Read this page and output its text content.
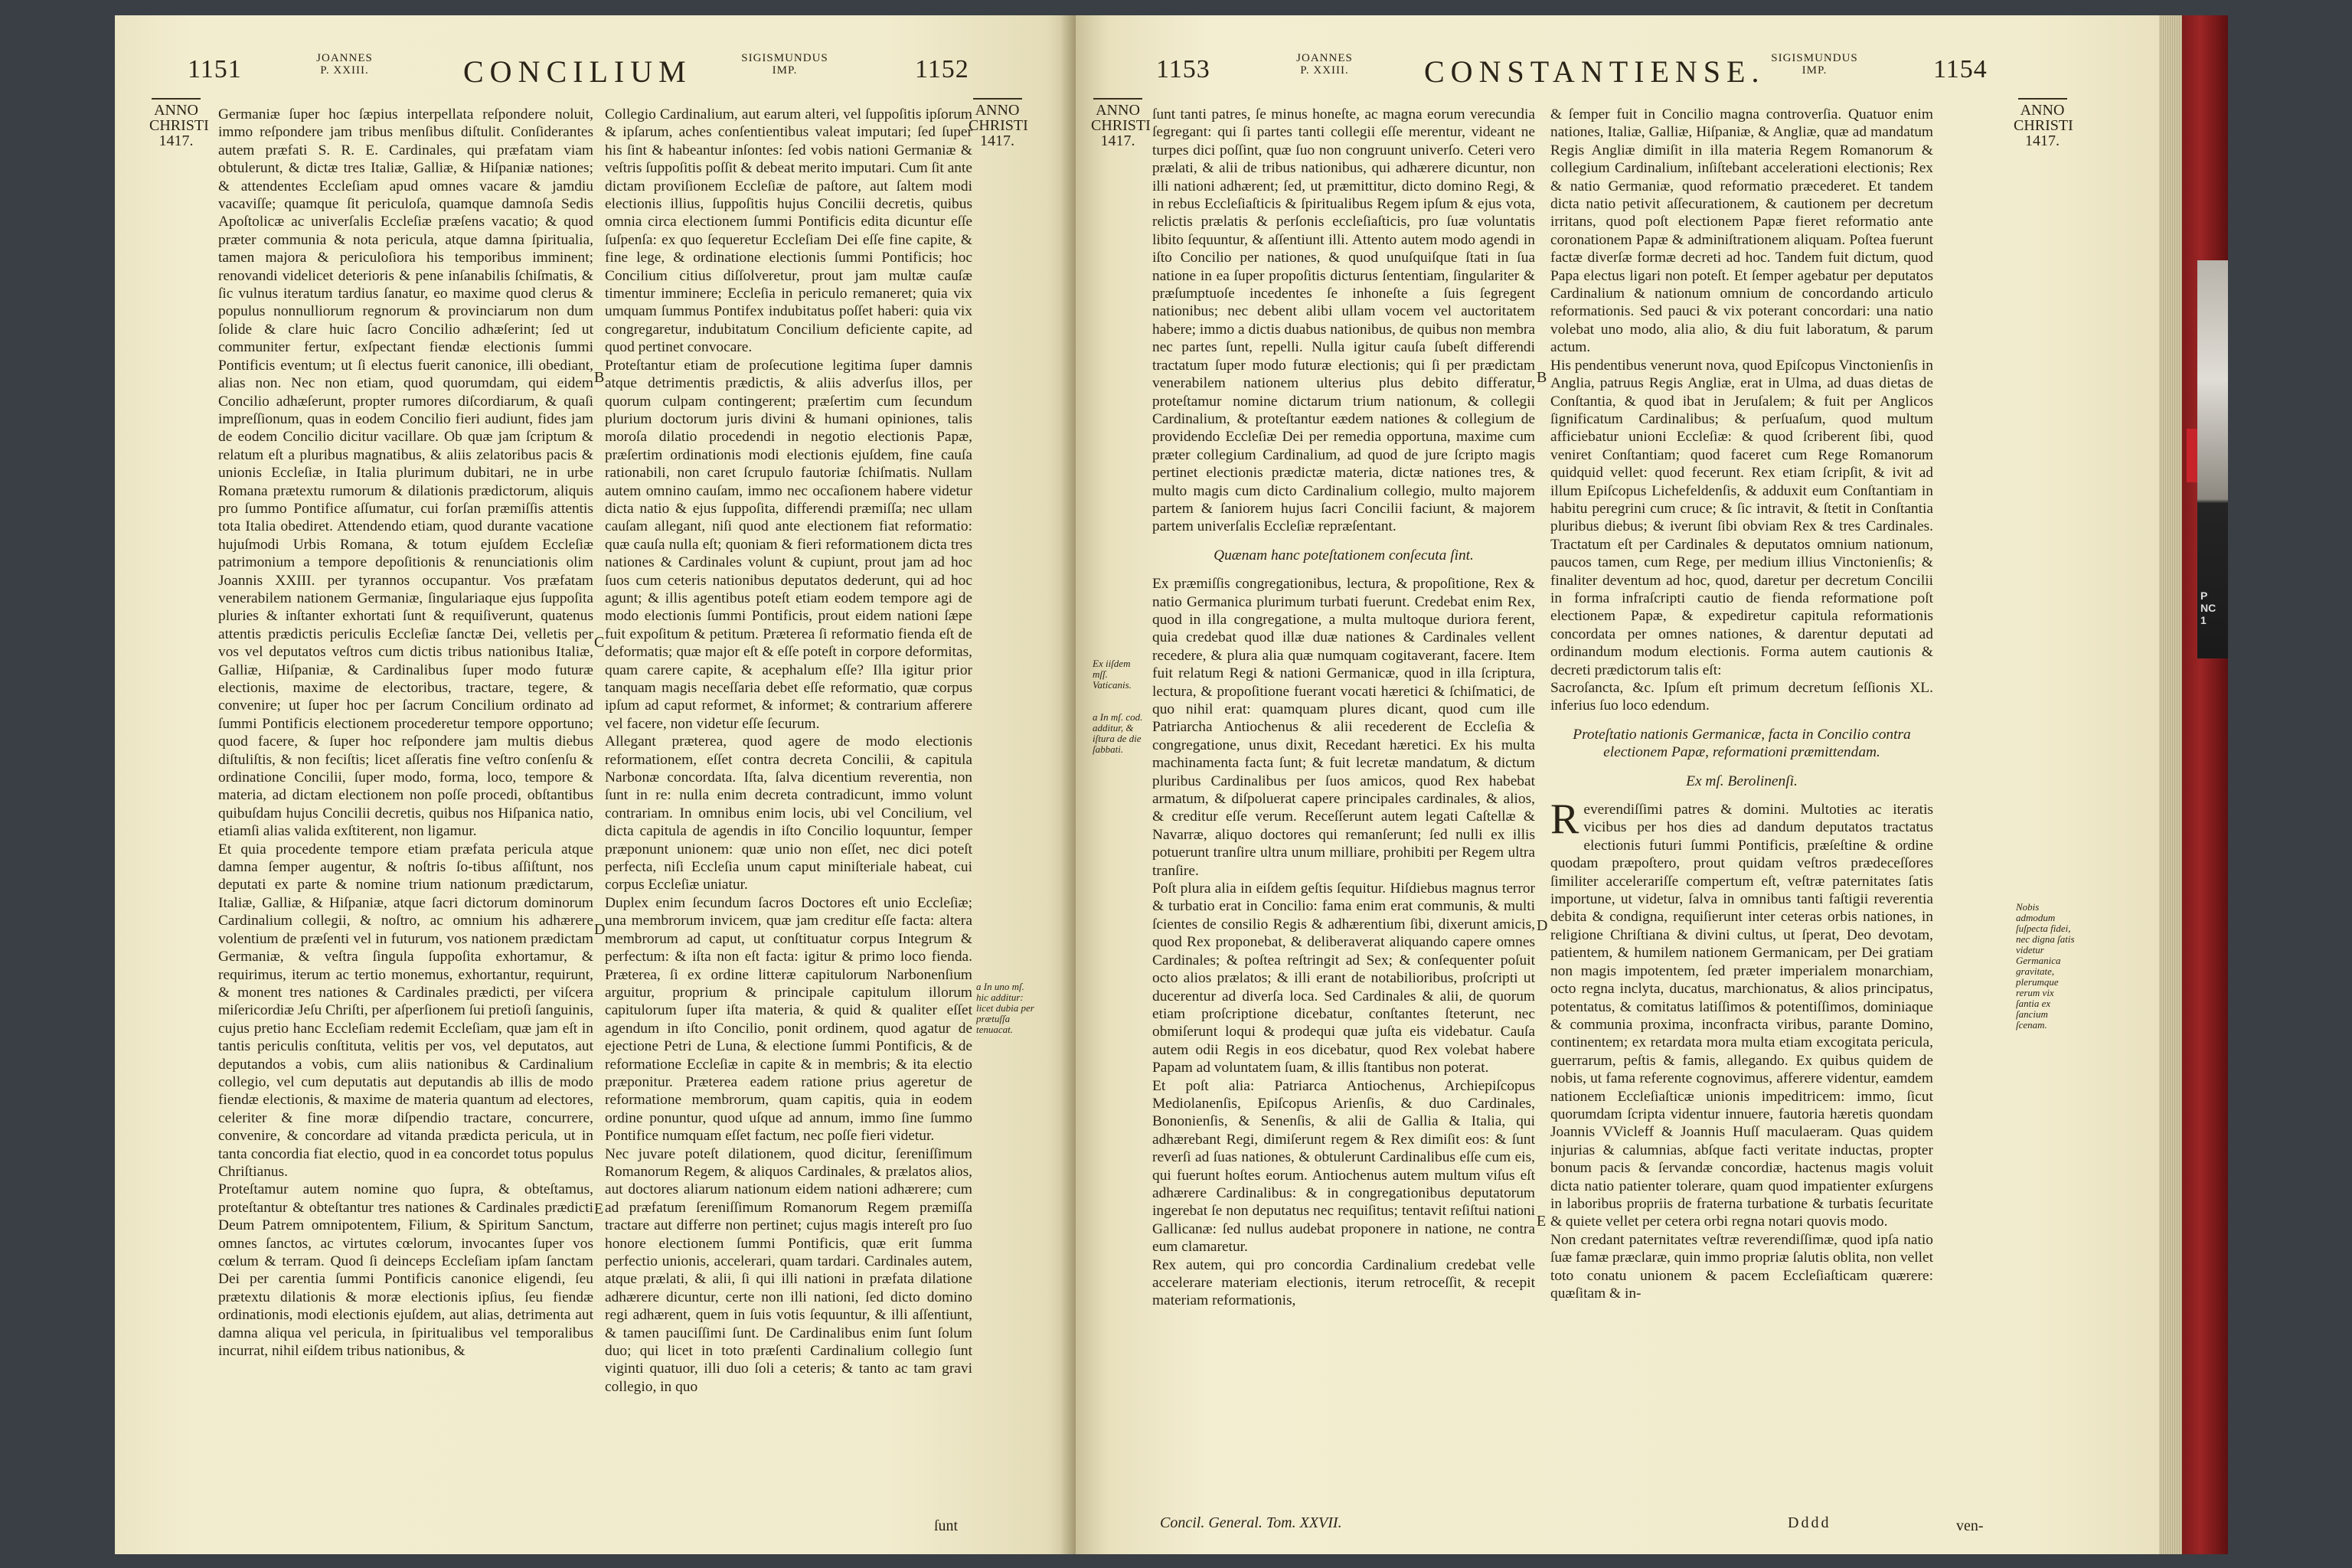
1151	JOANNES P. XXIII.	CONCILIUM	SIGISMUNDUS IMP.	1152
ANNO CHRISTI 1417.
ANNO CHRISTI 1417.

Germaniæ ſuper hoc ſæpius interpellata reſpondere noluit, immo reſpondere jam tribus menſibus diſtulit. Conſiderantes autem præfati S. R. E. Cardinales, qui præfatam viam obtulerunt, & dictæ tres Italiæ, Galliæ, & Hiſpaniæ nationes; & attendentes Eccleſiam apud omnes vacare & jamdiu vacaviſſe; quamque ſit periculoſa, quamque damnoſa Sedis Apoſtolicæ ac univerſalis Eccleſiæ præſens vacatio; & quod præter communia & nota pericula, atque damna ſpiritualia, tamen majora & periculoſiora his temporibus imminent; renovandi videlicet deterioris & pene inſanabilis ſchiſmatis, & ſic vulnus iteratum tardius ſanatur, eo maxime quod clerus & populus nonnulliorum regnorum & provinciarum non dum ſolide & clare huic ſacro Concilio adhæſerint; ſed ut communiter fertur, exſpectant fiendæ electionis ſummi Pontificis eventum; ut ſi electus fuerit canonice, illi obediant, alias non. Nec non etiam, quod quorumdam, qui eidem Concilio adhæſerunt, propter rumores diſcordiarum, & quaſi impreſſionum, quas in eodem Concilio fieri audiunt, fides jam de eodem Concilio dicitur vacillare. Ob quæ jam ſcriptum & relatum eſt a pluribus magnatibus, & aliis zelatoribus pacis & unionis Eccleſiæ, in Italia plurimum dubitari, ne in urbe Romana prætextu rumorum & dilationis prædictorum, aliquis pro ſummo Pontifice aſſumatur, cui forſan præmiſſis attentis tota Italia obediret. Attendendo etiam, quod durante vacatione hujuſmodi Urbis Romana, & totum ejuſdem Eccleſiæ patrimonium a tempore depoſitionis & renunciationis olim Joannis XXIII. per tyrannos occupantur. Vos præfatam venerabilem nationem Germaniæ, ſingulariaque ejus ſuppoſita pluries & inſtanter exhortati ſunt & requiſiverunt, quatenus attentis prædictis periculis Eccleſiæ ſanctæ Dei, velletis per vos vel deputatos veſtros cum dictis tribus nationibus Italiæ, Galliæ, Hiſpaniæ, & Cardinalibus ſuper modo futuræ electionis, maxime de electoribus, tractare, tegere, & convenire; ut ſuper hoc per ſacrum Concilium ordinato ad ſummi Pontificis electionem procederetur tempore opportuno; quod facere, & ſuper hoc reſpondere jam multis diebus diſtuliſtis, & non feciſtis; licet aſſeratis fine veſtro conſenſu & ordinatione Concilii, ſuper modo, forma, loco, tempore & materia, ad dictam electionem non poſſe procedi, obſtantibus quibuſdam hujus Concilii decretis, quibus nos Hiſpanica natio, etiamſi alias valida exſtiterent, non ligamur.

Et quia procedente tempore etiam præfata pericula atque damna ſemper augentur, & noſtris ſo-tibus aſſiſtunt, nos deputati ex parte & nomine trium nationum prædictarum, Italiæ, Galliæ, & Hiſpaniæ, atque ſacri dictorum dominorum Cardinalium collegii, & noſtro, ac omnium his adhærere volentium de præſenti vel in futurum, vos nationem prædictam Germaniæ, & veſtra ſingula ſuppoſita exhortamur, & requirimus, iterum ac tertio monemus, exhortantur, requirunt, & monent tres nationes & Cardinales prædicti, per viſcera miſericordiæ Jeſu Chriſti, per aſperſionem ſui pretioſi ſanguinis, cujus pretio hanc Eccleſiam redemit Eccleſiam, quæ jam eſt in tantis periculis conſtituta, velitis per vos, vel deputatos, aut deputandos a vobis, cum aliis nationibus & Cardinalium collegio, vel cum deputatis aut deputandis ab illis de modo fiendæ electionis, & maxime de materia quantum ad electores, celeriter & fine moræ diſpendio tractare, concurrere, convenire, & concordare ad vitanda prædicta pericula, ut in tanta concordia fiat electio, quod in ea concordet totus populus Chriſtianus.

Proteſtamur autem nomine quo ſupra, & obteſtamus, proteſtantur & obteſtantur tres nationes & Cardinales prædicti Deum Patrem omnipotentem, Filium, & Spiritum Sanctum, omnes ſanctos, ac virtutes cœlorum, invocantes ſuper vos cœlum & terram. Quod ſi deinceps Eccleſiam ipſam ſanctam Dei per carentia ſummi Pontificis canonice eligendi, ſeu prætextu dilationis & moræ electionis ipſius, ſeu fiendæ ordinationis, modi electionis ejuſdem, aut alias, detrimenta aut damna aliqua vel pericula, in ſpiritualibus vel temporalibus incurrat, nihil eiſdem tribus nationibus, &

Collegio Cardinalium, aut earum alteri, vel ſuppoſitis ipſorum & ipſarum, aches conſentientibus valeat imputari; ſed ſuper his ſint & habeantur inſontes: ſed vobis nationi Germaniæ & veſtris ſuppoſitis poſſit & debeat merito imputari. Cum ſit ante dictam proviſionem Eccleſiæ de paſtore, aut ſaltem modi electionis illius, ſuppoſitis hujus Concilii decretis, quibus omnia circa electionem ſummi Pontificis edita dicuntur eſſe ſuſpenſa: ex quo ſequeretur Eccleſiam Dei eſſe fine capite, & fine lege, & ordinatione electionis ſummi Pontificis; hoc Concilium citius diſſolveretur, prout jam multæ cauſæ timentur imminere; Eccleſia in periculo remaneret; quia vix umquam ſummus Pontifex indubitatus poſſet haberi: quia vix congregaretur, indubitatum Concilium deficiente capite, ad quod pertinet convocare.

Proteſtantur etiam de proſecutione legitima ſuper damnis atque detrimentis prædictis, & aliis adverſus illos, per quorum culpam contingerent; præſertim cum ſecundum plurium doctorum juris divini & humani opiniones, talis moroſa dilatio procedendi in negotio electionis Papæ, præſertim ordinationis modi electionis ejuſdem, fine cauſa rationabili, non caret ſcrupulo fautoriæ ſchiſmatis. Nullam autem omnino cauſam, immo nec occaſionem habere videtur dicta natio & ejus ſuppoſita, differendi præmiſſa; nec ullam cauſam allegant, niſi quod ante electionem fiat reformatio: quæ cauſa nulla eſt; quoniam & fieri reformationem dicta tres nationes & Cardinales volunt & cupiunt, prout jam ad hoc ſuos cum ceteris nationibus deputatos dederunt, qui ad hoc agunt; & illis agentibus poteſt etiam eodem tempore agi de modo electionis ſummi Pontificis, prout eidem nationi ſæpe fuit expoſitum & petitum. Præterea ſi reformatio fienda eſt de deformatis; quæ major eſt & eſſe poteſt in corpore deformitas, quam carere capite, & acephalum eſſe? Illa igitur prior tanquam magis neceſſaria debet eſſe reformatio, quæ corpus ipſum ad caput reformet, & informet; & contrarium afferere vel facere, non videtur eſſe ſecurum.

Allegant præterea, quod agere de modo electionis reformationem, eſſet contra decreta Concilii, & capitula Narbonæ concordata. Iſta, ſalva dicentium reverentia, non ſunt in re: nulla enim decreta contradicunt, immo volunt contrariam. In omnibus enim locis, ubi vel Concilium, vel dicta capitula de agendis in iſto Concilio loquuntur, ſemper præponunt unionem: quæ unio non eſſet, nec dici poteſt perfecta, niſi Eccleſia unum caput miniſteriale habeat, cui corpus Eccleſiæ uniatur.

Duplex enim ſecundum ſacros Doctores eſt unio Eccleſiæ; una membrorum invicem, quæ jam creditur eſſe facta: altera membrorum ad caput, ut conſtituatur corpus Integrum & perfectum: & iſta non eſt facta: igitur & primo loco fienda. Præterea, ſi ex ordine litteræ capitulorum Narbonenſium arguitur, proprium & principale capitulum illorum capitulorum ſuper iſta materia, & quid & qualiter eſſet agendum in iſto Concilio, ponit ordinem, quod agatur de ejectione Petri de Luna, & electione ſummi Pontificis, & de reformatione Eccleſiæ in capite & in membris; & ita electio præponitur. Præterea eadem ratione prius ageretur de reformatione membrorum, quam capitis, quia in eodem ordine ponuntur, quod uſque ad annum, immo ſine ſummo Pontifice numquam eſſet factum, nec poſſe fieri videtur.

Nec juvare poteſt dilationem, quod dicitur, ſereniſſimum Romanorum Regem, & aliquos Cardinales, & prælatos alios, aut doctores aliarum nationum eidem nationi adhærere; cum ad præfatum ſereniſſimum Romanorum Regem præmiſſa tractare aut differre non pertinet; cujus magis intereſt pro ſuo honore electionem ſummi Pontificis, quæ erit ſumma perfectio unionis, accelerari, quam tardari. Cardinales autem, atque prælati, & alii, ſi qui illi nationi in præfata dilatione adhærere dicuntur, certe non illi nationi, ſed dicto domino regi adhærent, quem in ſuis votis ſequuntur, & illi aſſentiunt, & tamen pauciſſimi ſunt. De Cardinalibus enim ſunt ſolum duo; qui licet in toto præſenti Cardinalium collegio ſunt viginti quatuor, illi duo ſoli a ceteris; & tanto ac tam gravi collegio, in quo

B
C
D
E
a In uno mſ. hic additur: licet dubia per prætuſſa tenuacat.
ſunt
1153	JOANNES P. XXIII.	CONSTANTIENSE. SIGISMUNDUS IMP.	1154
ANNO CHRISTI 1417.
ANNO CHRISTI 1417.

ſunt tanti patres, ſe minus honeſte, ac magna eorum verecundia ſegregant: qui ſi partes tanti collegii eſſe merentur, videant ne turpes dici poſſint, quæ ſuo non congruunt univerſo. Ceteri vero prælati, & alii de tribus nationibus, qui adhærere dicuntur, non illi nationi adhærent; ſed, ut præmittitur, dicto domino Regi, & in rebus Eccleſiaſticis & ſpiritualibus Regem ipſum & ejus vota, relictis prælatis & perſonis eccleſiaſticis, pro ſuæ voluntatis libito ſequuntur, & aſſentiunt illi. Attento autem modo agendi in iſto Concilio per nationes, & quod unuſquiſque ſtati in ſua natione in ea ſuper propoſitis dicturus ſententiam, ſingulariter & præſumptuoſe incedentes ſe inhoneſte a ſuis ſegregent nationibus; nec debent alibi ullam vocem vel auctoritatem habere; immo a dictis duabus nationibus, de quibus non membra nec partes ſunt, repelli. Nulla igitur cauſa ſubeſt differendi tractatum ſuper modo futuræ electionis; qui ſi per prædictam venerabilem nationem ulterius plus debito differatur, proteſtamur nomine dictarum trium nationum, & collegii Cardinalium, & proteſtantur eædem nationes & collegium de providendo Eccleſiæ Dei per remedia opportuna, maxime cum præter collegium Cardinalium, ad quod de jure ſcripto magis pertinet electionis prædictæ materia, dictæ nationes tres, & multo magis cum dicto Cardinalium collegio, multo majorem partem & ſaniorem hujus ſacri Concilii faciunt, & majorem partem univerſalis Eccleſiæ repræſentant.

Quænam hanc poteſtationem conſecuta ſint.

Ex præmiſſis congregationibus, lectura, & propoſitione, Rex & natio Germanica plurimum turbati fuerunt. Credebat enim Rex, quod in illa congregatione, a multa multoque duriora ferent, quia credebat quod illæ duæ nationes & Cardinales vellent recedere, & plura alia quæ numquam cogitaverant, facere. Item fuit relatum Regi & nationi Germanicæ, quod in illa ſcriptura, lectura, & propoſitione fuerant vocati hæretici & ſchiſmatici, de quo nihil erat: quamquam plures dicant, quod cum ille Patriarcha Antiochenus & alii recederent de Eccleſia & congregatione, unus dixit, Recedant hæretici. Ex his multa machinamenta facta ſunt; & fuit lecretæ mandatum, & dictum pluribus Cardinalibus per ſuos amicos, quod Rex habebat armatum, & diſpoluerat capere principales cardinales, & alios, & creditur eſſe verum. Receſſerunt autem legati Caſtellæ & Navarræ, aliquo doctores qui remanſerunt; ſed nulli ex illis potuerunt tranſire ultra unum milliare, prohibiti per Regem ultra tranſire.

Poſt plura alia in eiſdem geſtis ſequitur. Hiſdiebus magnus terror & turbatio erat in Concilio: fama enim erat communis, & multi ſcientes de consilio Regis & adhærentium ſibi, dixerunt amicis, quod Rex proponebat, & deliberaverat aliquando capere omnes Cardinales; & poſtea reſtringit ad Sex; & conſequenter poſuit octo alios prælatos; & illi erant de notabilioribus, proſcripti ut ducerentur ad diverſa loca. Sed Cardinales & alii, de quorum etiam proſcriptione dicebatur, conſtantes ſteterunt, nec obmiſerunt loqui & prodequi quæ juſta eis videbatur. Cauſa autem odii Regis in eos dicebatur, quod Rex volebat habere Papam ad voluntatem ſuam, & illis ſtantibus non poterat.

Et poſt alia: Patriarca Antiochenus, Archiepiſcopus Mediolanenſis, Epiſcopus Arienſis, & duo Cardinales, Bononienſis, & Senenſis, & alii de Gallia & Italia, qui adhærebant Regi, dimiſerunt regem & Rex dimiſit eos: & ſunt reverſi ad ſuas nationes, & obtulerunt Cardinalibus eſſe cum eis, qui fuerunt hoſtes eorum. Antiochenus autem multum viſus eſt adhærere Cardinalibus: & in congregationibus deputatorum ingerebat ſe non deputatus nec requiſitus; tentavit reſiſtui nationi Gallicanæ: ſed nullus audebat proponere in natione, ne contra eum clamaretur.

Rex autem, qui pro concordia Cardinalium credebat velle accelerare materiam electionis, iterum retroceſſit, & recepit materiam reformationis,

& ſemper fuit in Concilio magna controverſia. Quatuor enim nationes, Italiæ, Galliæ, Hiſpaniæ, & Angliæ, quæ ad mandatum Regis Angliæ dimiſit in illa materia Regem Romanorum & collegium Cardinalium, inſiſtebant accelerationi electionis; Rex & natio Germaniæ, quod reformatio præcederet. Et tandem dicta natio petivit aſſecurationem, & cautionem per decretum irritans, quod poſt electionem Papæ fieret reformatio ante coronationem Papæ & adminiſtrationem aliquam. Poſtea fuerunt factæ diverſæ formæ decreti ad hoc. Tandem fuit dictum, quod Papa electus ligari non poteſt. Et ſemper agebatur per deputatos Cardinalium & nationum omnium de concordando articulo reformationis. Sed pauci & vix poterant concordari: una natio volebat uno modo, alia alio, & diu fuit laboratum, & parum actum.

His pendentibus venerunt nova, quod Epiſcopus Vinctonienſis in Anglia, patruus Regis Angliæ, erat in Ulma, ad duas dietas de Conſtantia, & quod ibat in Jeruſalem; & fuit per Anglicos ſignificatum Cardinalibus; & perſuaſum, quod multum afficiebatur unioni Eccleſiæ: & quod ſcriberent ſibi, quod veniret Conſtantiam; quod faceret cum Rege Romanorum quidquid vellet: quod fecerunt. Rex etiam ſcripſit, & ivit ad illum Epiſcopus Lichefeldenſis, & adduxit eum Conſtantiam in habitu peregrini cum cruce; & ſic intravit, & ſtetit in Conſtantia pluribus diebus; & iverunt ſibi obviam Rex & tres Cardinales. Tractatum eſt per Cardinales & deputatos omnium nationum, paucos tamen, cum Rege, per medium illius Vinctonienſis; & finaliter deventum ad hoc, quod, daretur per decretum Concilii in forma infraſcripti cautio de fienda reformatione poſt electionem Papæ, & expediretur capitula reformationis concordata per omnes nationes, & darentur deputati ad ordinandum modum electionis. Forma autem cautionis & decreti prædictorum talis eſt:

Sacroſancta, &c. Ipſum eſt primum decretum ſeſſionis XL. inferius ſuo loco edendum.

Proteſtatio nationis Germanicæ, facta in Concilio contra electionem Papæ, reformationi præmittendam.

Ex mſ. Berolinenſi.

Reverendiſſimi patres & domini. Multoties ac iteratis vicibus per hos dies ad dandum deputatos tractatus electionis futuri ſummi Pontificis, præſeſtine & ordine quodam præpoſtero, prout quidam veſtros prædeceſſores ſimiliter accelerariſſe compertum eſt, veſtræ paternitates ſatis importune, ut videtur, ſalva in omnibus tanti faſtigii reverentia debita & condigna, requiſierunt inter ceteras orbis nationes, in religione Chriſtiana & divini cultus, ut ſperat, Deo devotam, patientem, & humilem nationem Germanicam, per Dei gratiam non magis impotentem, ſed præter imperialem monarchiam, octo regna inclyta, ducatus, marchionatus, & alios principatus, potentatus, & comitatus latiſſimos & potentiſſimos, dominiaque & communia proxima, inconfracta viribus, parante Domino, continentem; ex retardata mora multa etiam excogitata pericula, guerrarum, peſtis & famis, allegando. Ex quibus quidem de nobis, ut fama referente cognovimus, afferere videntur, eamdem nationem Eccleſiaſticæ unionis impeditricem: immo, ſicut quorumdam ſcripta videntur innuere, fautoria hæretis quondam Joannis VVicleff & Joannis Huſſ maculaeram. Quas quidem injurias & calumnias, abſque facti veritate inductas, propter bonum pacis & ſervandæ concordiæ, hactenus magis voluit dicta natio patienter tolerare, quam quod impatienter exſurgens in laboribus propriis de fraterna turbatione & turbatis ſecuritate & quiete vellet per cetera orbi regna notari quovis modo.

Non credant paternitates veſtræ reverendiſſimæ, quod ipſa natio ſuæ famæ præclaræ, quin immo propriæ ſalutis oblita, non vellet toto conatu unionem & pacem Eccleſiaſticam quærere: quæſitam & in-

B
D
E
Ex iiſdem mſſ. Vaticanis.
a In mſ. cod. additur, & iſtura de die ſabbati.
Nobis admodum ſuſpecta fidei, nec digna ſatis videtur Germanica gravitate, plerumque rerum vix ſantia ex ſancium ſcenam.
Concil. General. Tom. XXVII.	Dddd	ven-
P
NC
1
